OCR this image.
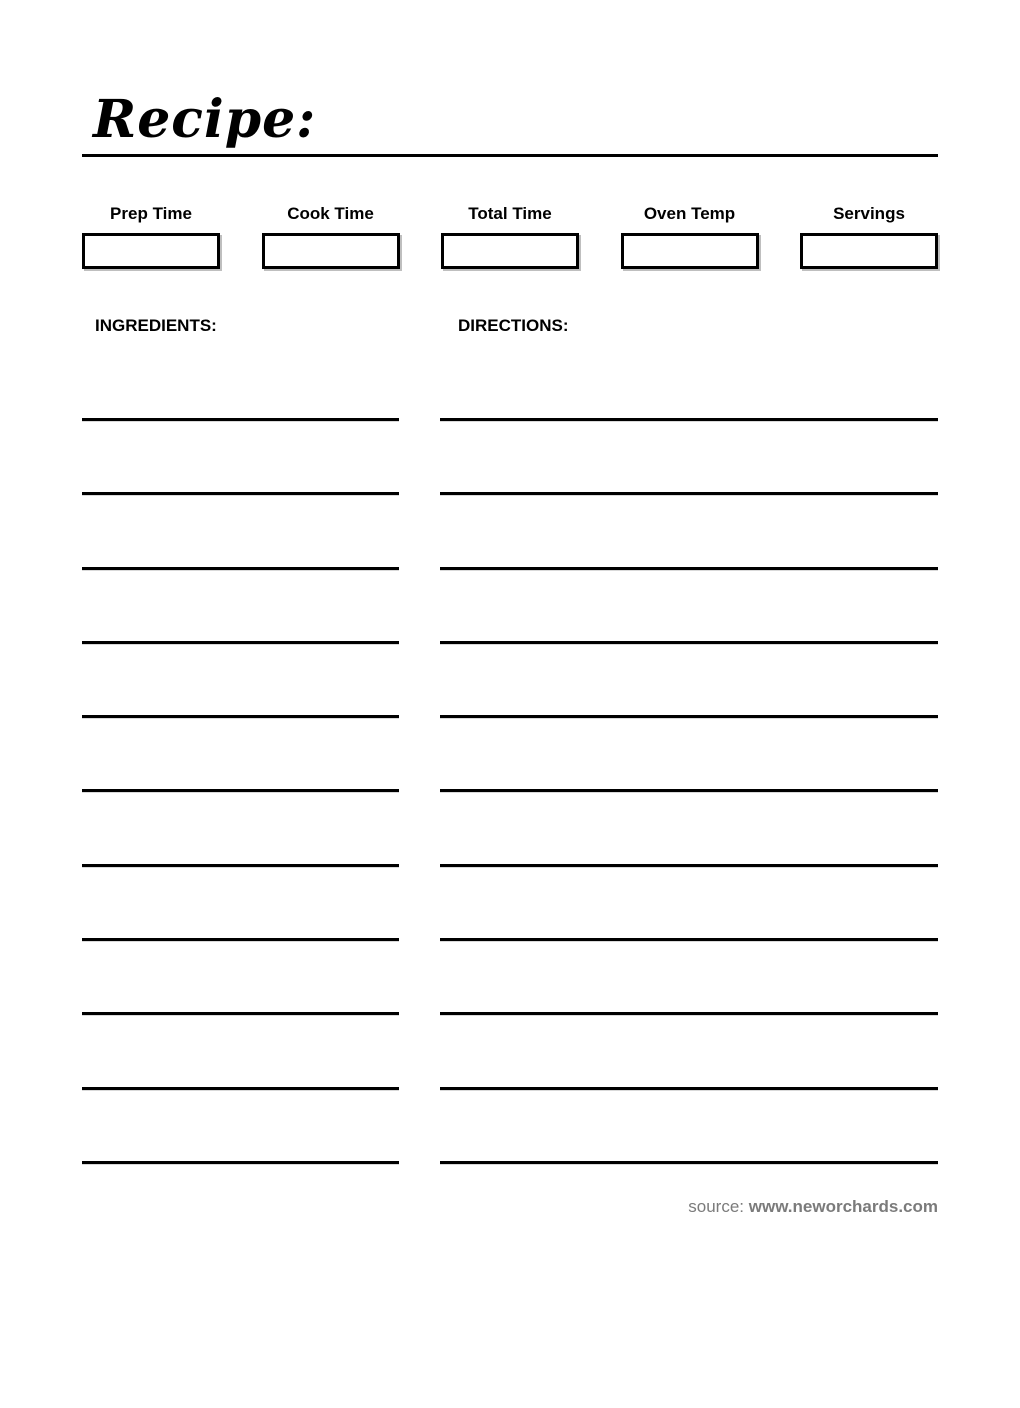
Recipe:
Prep Time	Cook Time	Total Time	Oven Temp	Servings
INGREDIENTS:	DIRECTIONS:
source: www.neworchards.com
